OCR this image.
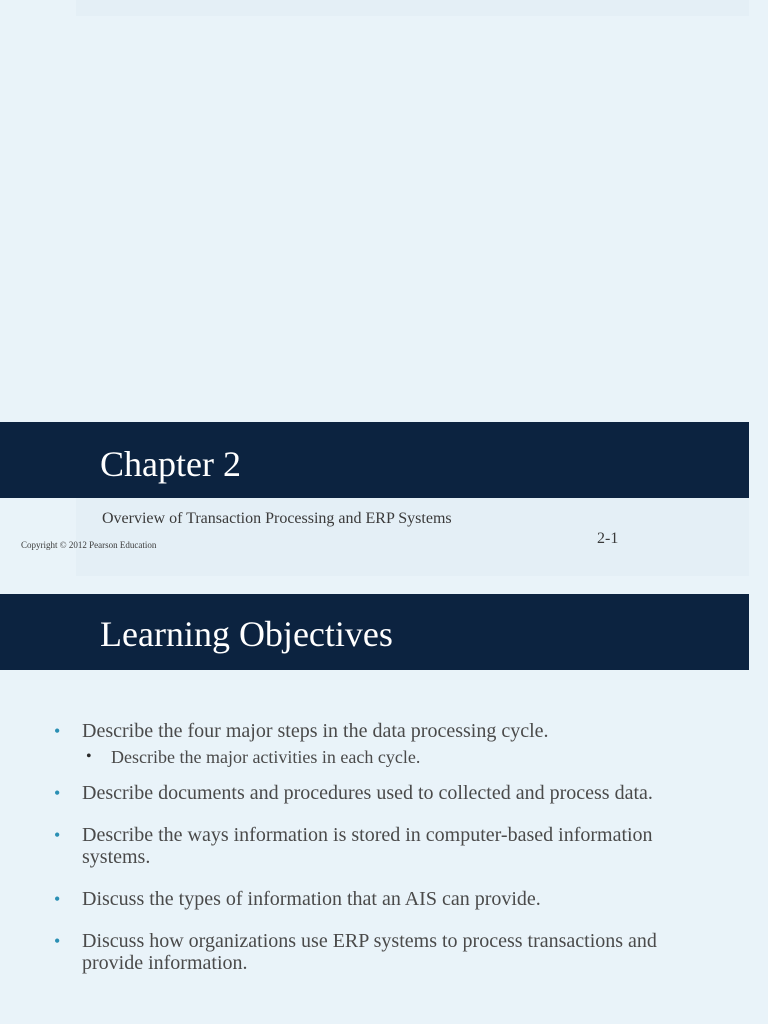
Chapter 2
Overview of Transaction Processing and ERP Systems
Copyright © 2012 Pearson Education	2-1
Learning Objectives
• Describe the four major steps in the data processing cycle.
• Describe the major activities in each cycle.
• Describe documents and procedures used to collected and process data.
• Describe the ways information is stored in computer-based information systems.
• Discuss the types of information that an AIS can provide.
• Discuss how organizations use ERP systems to process transactions and provide information.
